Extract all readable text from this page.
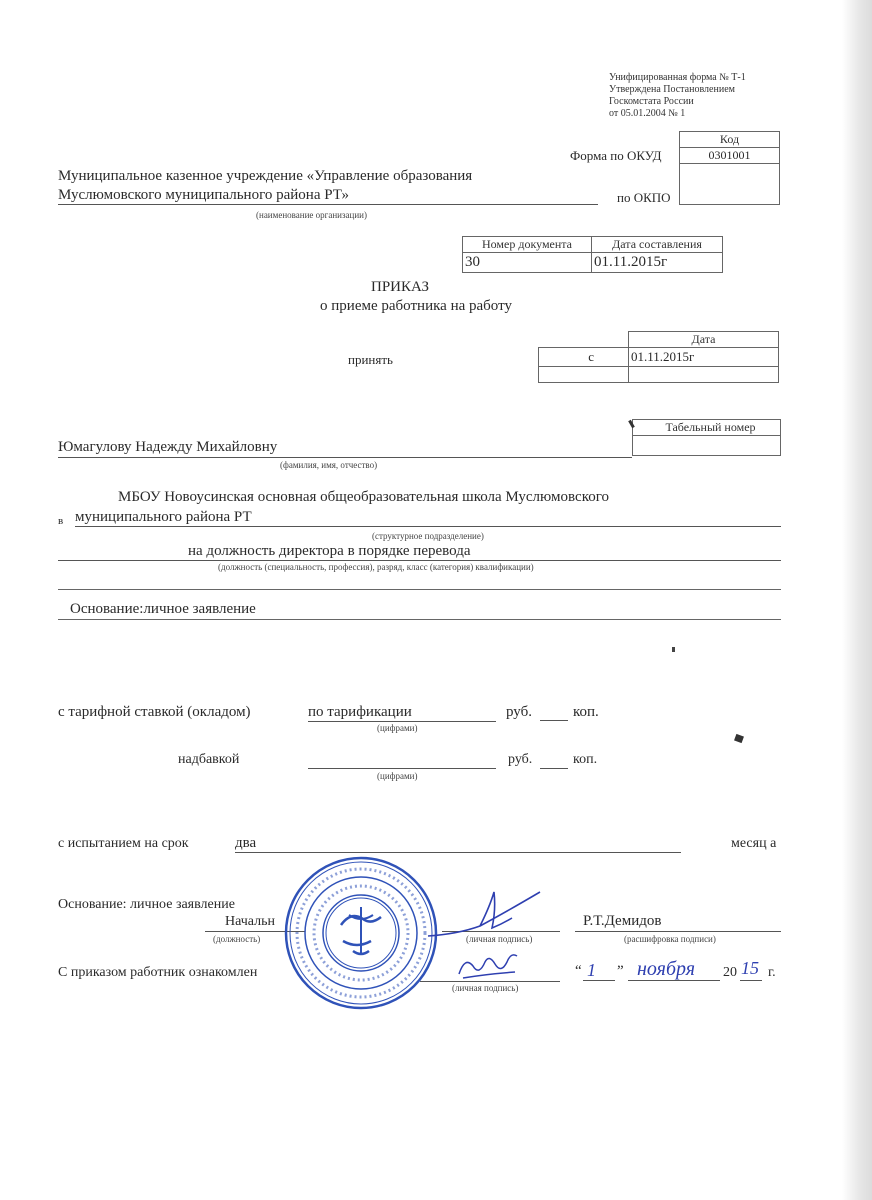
Унифицированная форма № Т-1
Утверждена Постановлением
Госкомстата России
от 05.01.2004 № 1
Код
0301001
Форма по ОКУД
по ОКПО
Муниципальное казенное учреждение «Управление образования
Муслюмовского муниципального района РТ»
(наименование организации)
Номер документа	Дата составления
30	01.11.2015г
ПРИКАЗ
о приеме работника на работу
Дата
с	01.11.2015г
принять
Табельный номер
Юмагулову Надежду Михайловну
(фамилия, имя, отчество)
МБОУ Новоусинская основная общеобразовательная школа Муслюмовского
в муниципального района РТ
(структурное подразделение)
на должность директора в порядке перевода
(должность (специальность, профессия), разряд, класс (категория) квалификации)
Основание:личное заявление
с тарифной ставкой (окладом)	по тарификации
(цифрами)
руб.	коп.
надбавкой
(цифрами)
руб.	коп.
с испытанием на срок	два	месяц а
Основание: личное заявление
Начальн
(должность)	(личная подпись)
Р.Т.Демидов
(расшифровка подписи)
С приказом работник ознакомлен
(личная подпись)
“ 1 ” ноября 20 15 г.
